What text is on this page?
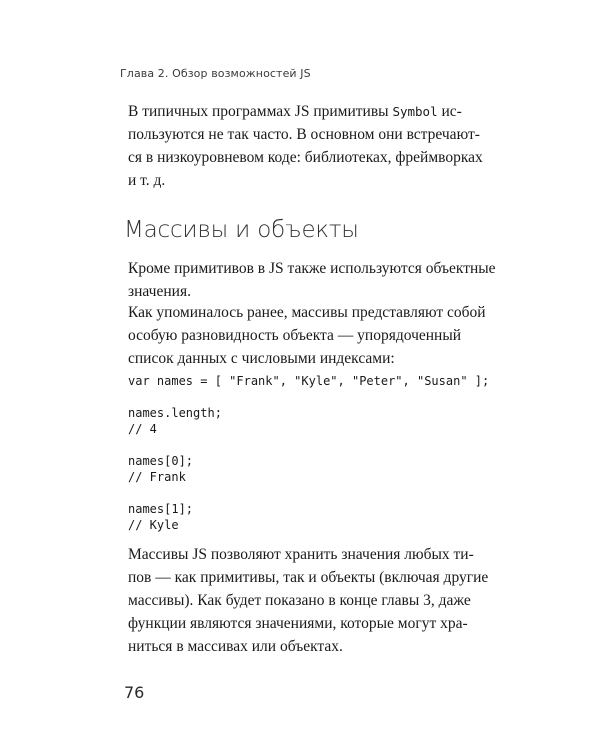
Глава 2. Обзор возможностей JS

В типичных программах JS примитивы Symbol ис-
пользуются не так часто. В основном они встречают-
ся в низкоуровневом коде: библиотеках, фреймворках
и т. д.

Массивы и объекты

Кроме примитивов в JS также используются объектные
значения.

Как упоминалось ранее, массивы представляют собой
особую разновидность объекта — упорядоченный
список данных с числовыми индексами:

var names = [ "Frank", "Kyle", "Peter", "Susan" ];
names.length;
// 4
names[0];
// Frank
names[1];
// Kyle

Массивы JS позволяют хранить значения любых ти-
пов — как примитивы, так и объекты (включая другие
массивы). Как будет показано в конце главы 3, даже
функции являются значениями, которые могут хра-
ниться в массивах или объектах.

76
